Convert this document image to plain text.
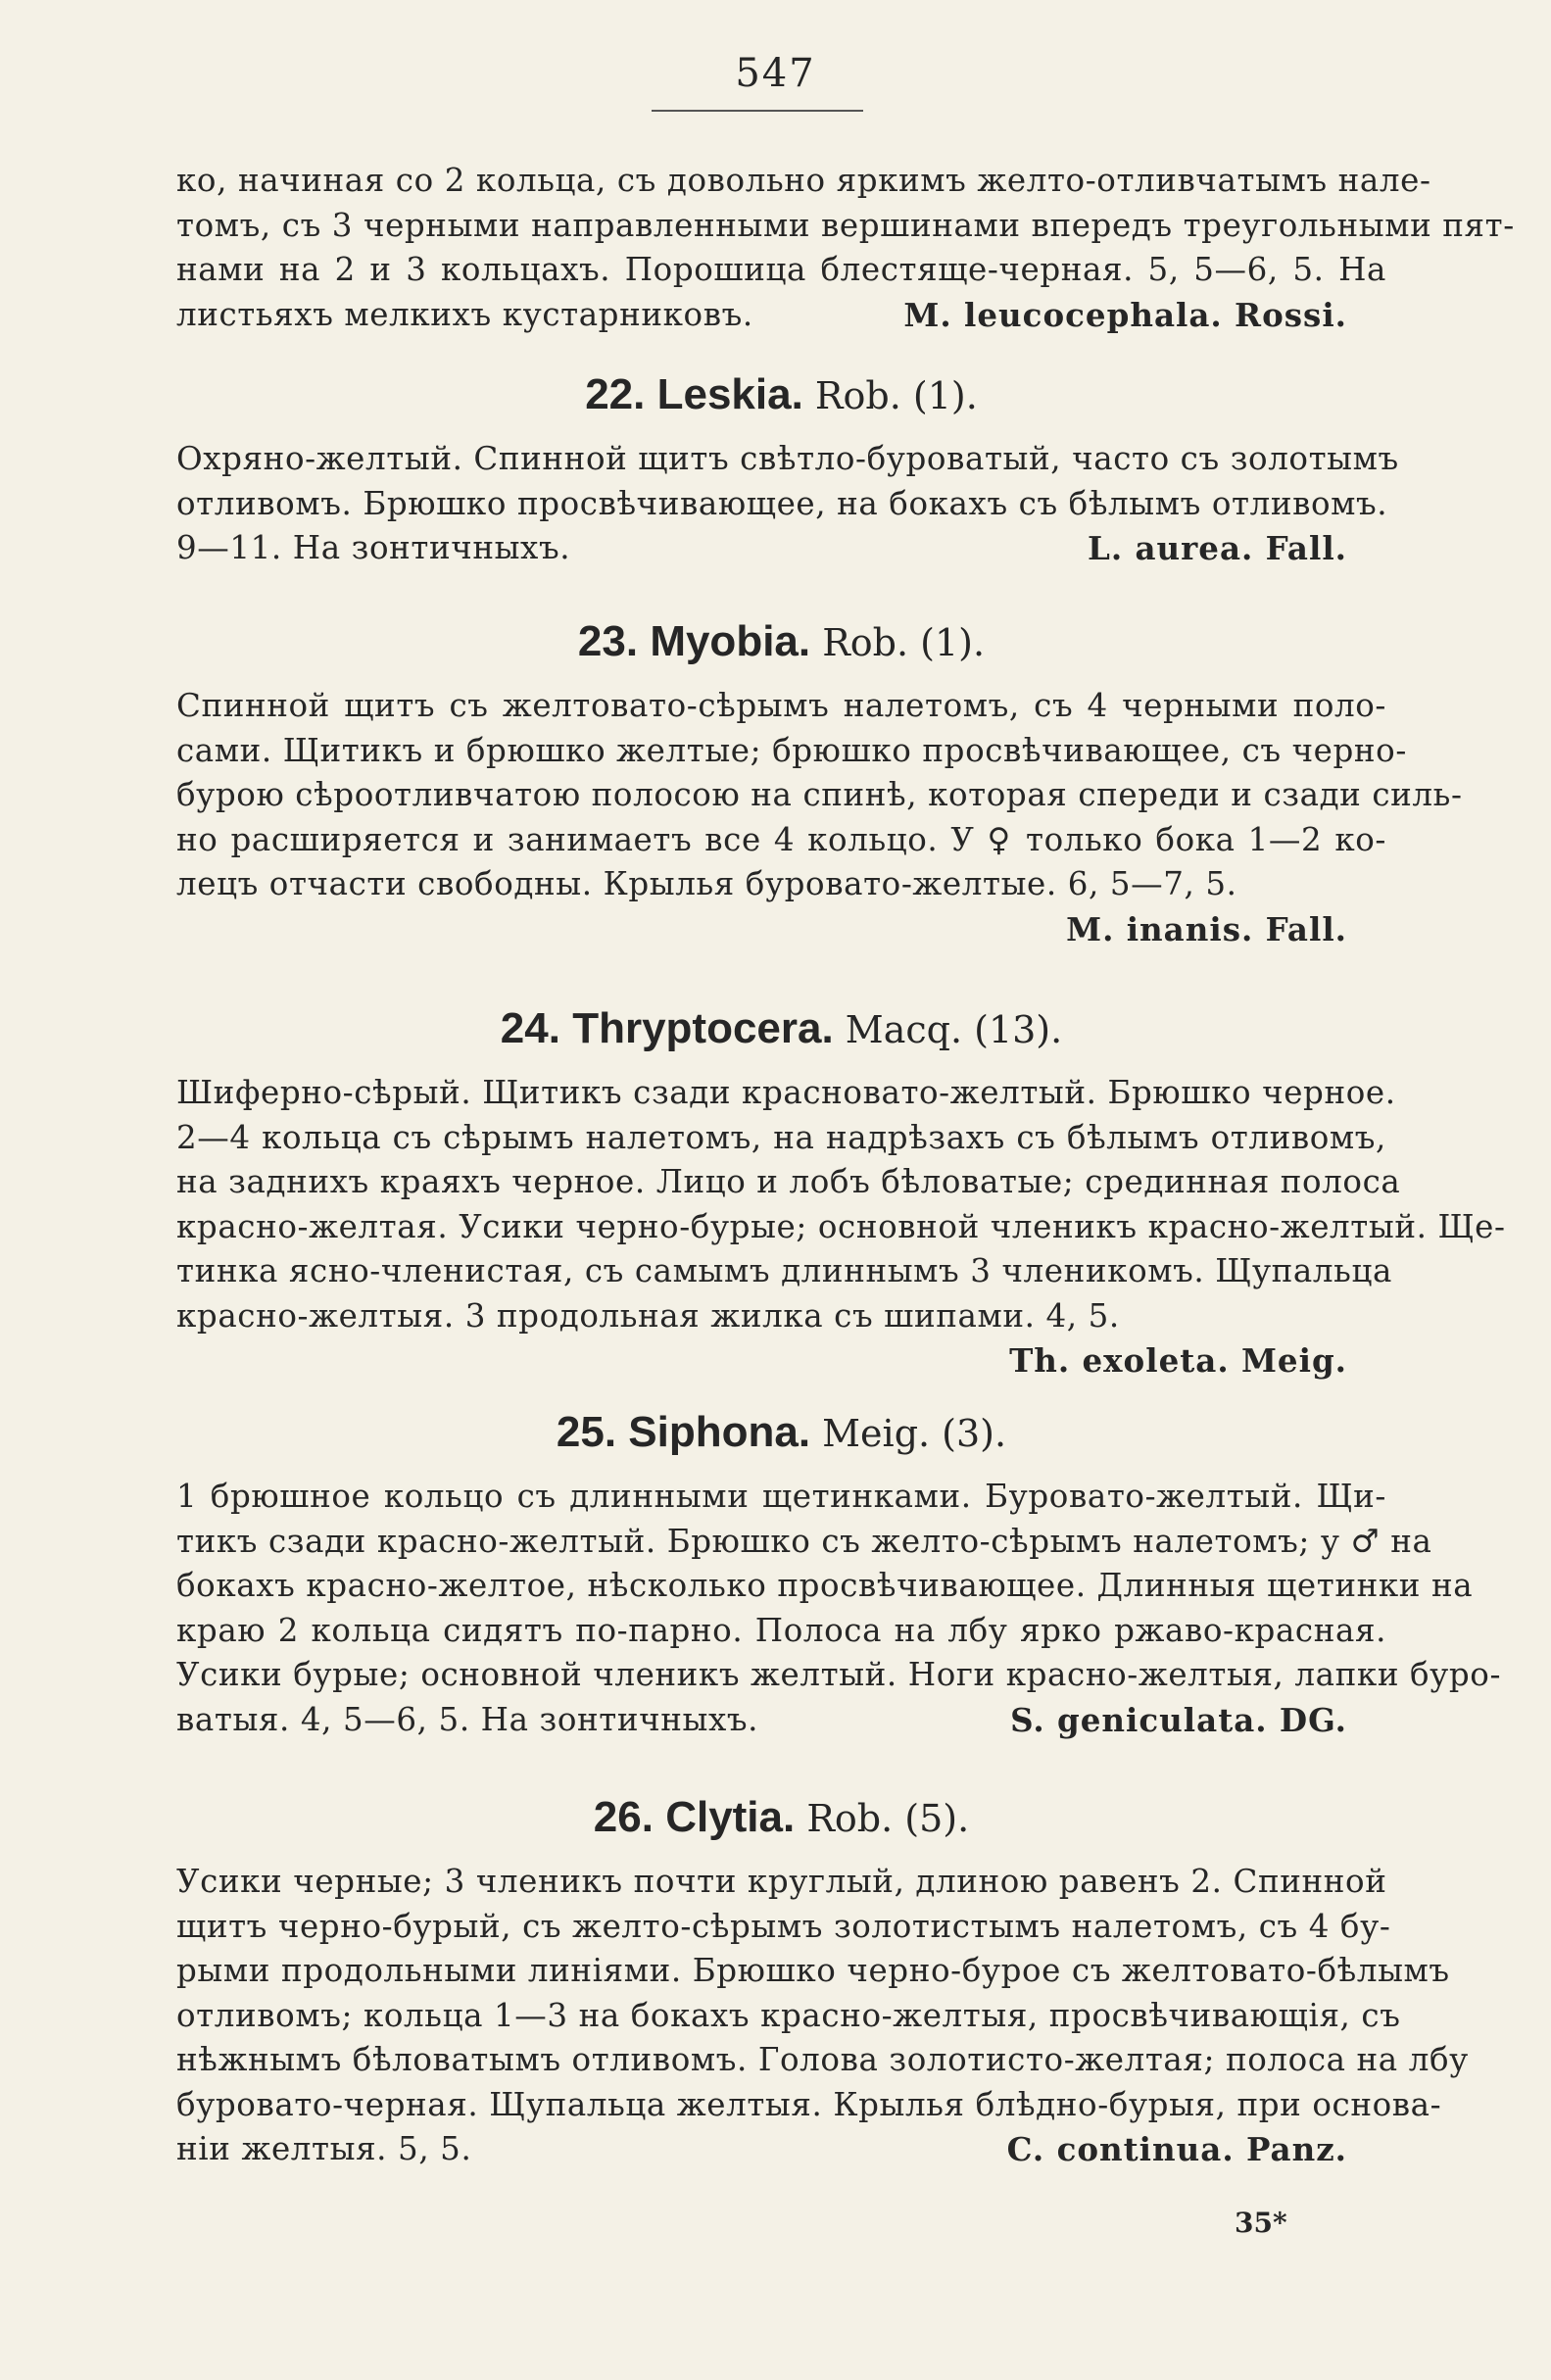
547

ко, начиная со 2 кольца, съ довольно яркимъ желто-отливчатымъ нале-
томъ, съ 3 черными направленными вершинами впередъ треугольными пят-
нами на 2 и 3 кольцахъ. Порошица блестяще-черная. 5, 5—6, 5. На
листьяхъ мелкихъ кустарниковъ.	M. leucocephala. Rossi.

22. Leskia. Rob. (1).

Охряно-желтый. Спинной щитъ свѣтло-буроватый, часто съ золотымъ
отливомъ. Брюшко просвѣчивающее, на бокахъ съ бѣлымъ отливомъ.
9—11. На зонтичныхъ.	L. aurea. Fall.

23. Myobia. Rob. (1).

Спинной щитъ съ желтовато-сѣрымъ налетомъ, съ 4 черными поло-
сами. Щитикъ и брюшко желтые; брюшко просвѣчивающее, съ черно-
бурою сѣроотливчатою полосою на спинѣ, которая спереди и сзади силь-
но расширяется и занимаетъ все 4 кольцо. У ♀ только бока 1—2 ко-
лецъ отчасти свободны. Крылья буровато-желтые. 6, 5—7, 5.
M. inanis. Fall.

24. Thryptocera. Macq. (13).

Шиферно-сѣрый. Щитикъ сзади красновато-желтый. Брюшко черное.
2—4 кольца съ сѣрымъ налетомъ, на надрѣзахъ съ бѣлымъ отливомъ,
на заднихъ краяхъ черное. Лицо и лобъ бѣловатые; срединная полоса
красно-желтая. Усики черно-бурые; основной членикъ красно-желтый. Ще-
тинка ясно-членистая, съ самымъ длиннымъ 3 членикомъ. Щупальца
красно-желтыя. 3 продольная жилка съ шипами. 4, 5.
Th. exoleta. Meig.

25. Siphona. Meig. (3).

1 брюшное кольцо съ длинными щетинками. Буровато-желтый. Щи-
тикъ сзади красно-желтый. Брюшко съ желто-сѣрымъ налетомъ; у ♂ на
бокахъ красно-желтое, нѣсколько просвѣчивающее. Длинныя щетинки на
краю 2 кольца сидятъ по-парно. Полоса на лбу ярко ржаво-красная.
Усики бурые; основной членикъ желтый. Ноги красно-желтыя, лапки буро-
ватыя. 4, 5—6, 5. На зонтичныхъ.	S. geniculata. DG.

26. Clytia. Rob. (5).

Усики черные; 3 членикъ почти круглый, длиною равенъ 2. Спинной
щитъ черно-бурый, съ желто-сѣрымъ золотистымъ налетомъ, съ 4 бу-
рыми продольными линіями. Брюшко черно-бурое съ желтовато-бѣлымъ
отливомъ; кольца 1—3 на бокахъ красно-желтыя, просвѣчивающія, съ
нѣжнымъ бѣловатымъ отливомъ. Голова золотисто-желтая; полоса на лбу
буровато-черная. Щупальца желтыя. Крылья блѣдно-бурыя, при основа-
ніи желтыя. 5, 5.	C. continua. Panz.

35*
